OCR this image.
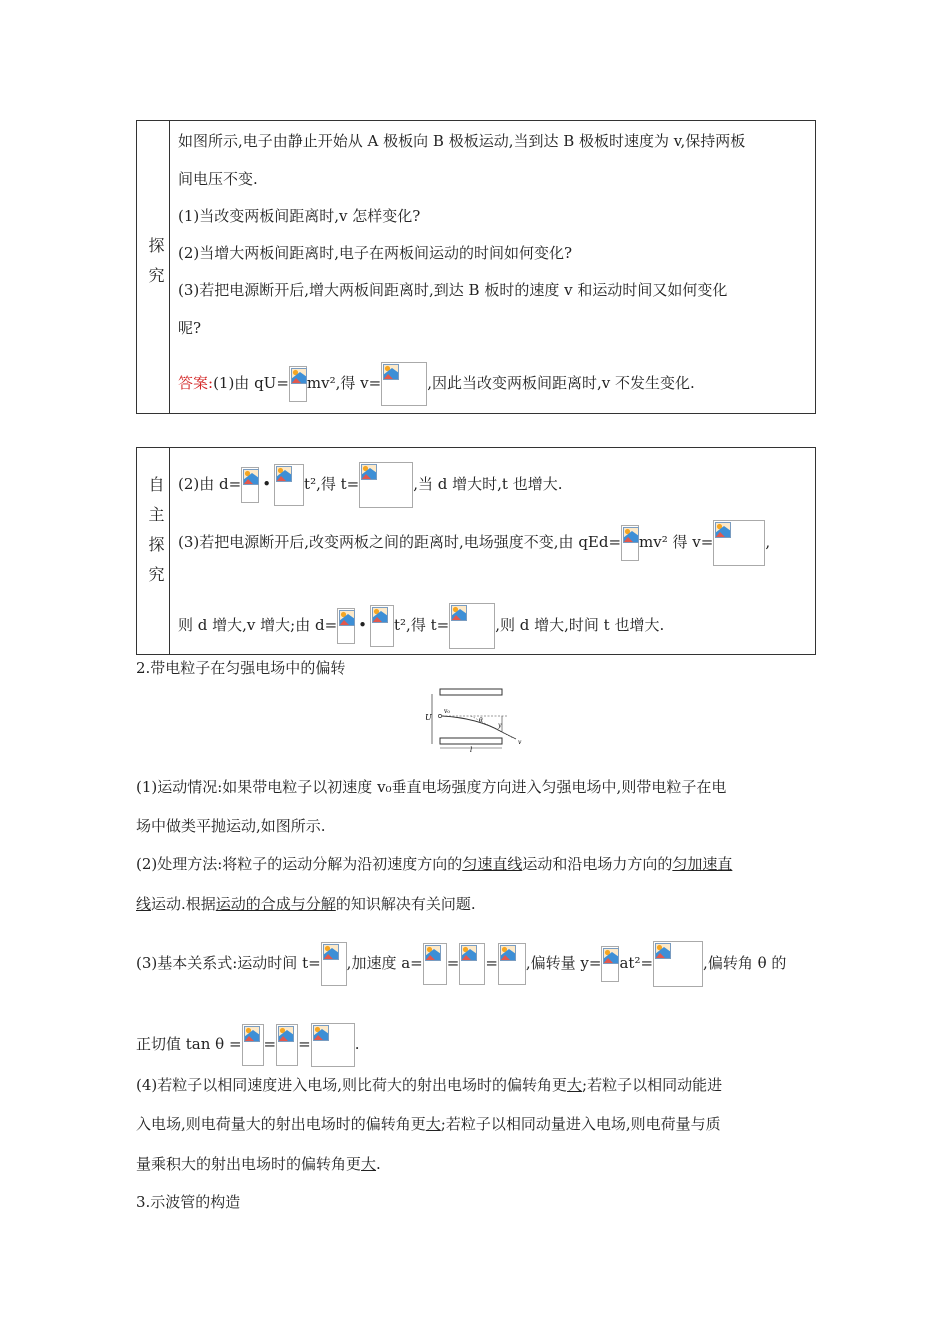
探究
如图所示,电子由静止开始从 A 极板向 B 极板运动,当到达 B 极板时速度为 v,保持两板
间电压不变.
(1)当改变两板间距离时,v 怎样变化?
(2)当增大两板间距离时,电子在两板间运动的时间如何变化?
(3)若把电源断开后,增大两板间距离时,到达 B 板时的速度 v 和运动时间又如何变化
呢?
答案:(1)由 qU= mv²,得 v=	,因此当改变两板间距离时,v 不发生变化.
自主探究 (2)由 d= • t²,得 t=	,当 d 增大时,t 也增大.
(3)若把电源断开后,改变两板之间的距离时,电场强度不变,由 qEd= mv² 得 v=	,
则 d 增大,v 增大;由 d= • t²,得 t=	,则 d 增大,时间 t 也增大.
2.带电粒子在匀强电场中的偏转
U
v₀
θ
y
v
l
(1)运动情况:如果带电粒子以初速度 v₀垂直电场强度方向进入匀强电场中,则带电粒子在电
场中做类平抛运动,如图所示.
(2)处理方法:将粒子的运动分解为沿初速度方向的匀速直线运动和沿电场力方向的匀加速直
线运动.根据运动的合成与分解的知识解决有关问题.
(3)基本关系式:运动时间 t= ,加速度 a= = = ,偏转量 y= at²=	,偏转角 θ 的
正切值 tan θ = = =	.
(4)若粒子以相同速度进入电场,则比荷大的射出电场时的偏转角更大;若粒子以相同动能进
入电场,则电荷量大的射出电场时的偏转角更大;若粒子以相同动量进入电场,则电荷量与质
量乘积大的射出电场时的偏转角更大.
3.示波管的构造
